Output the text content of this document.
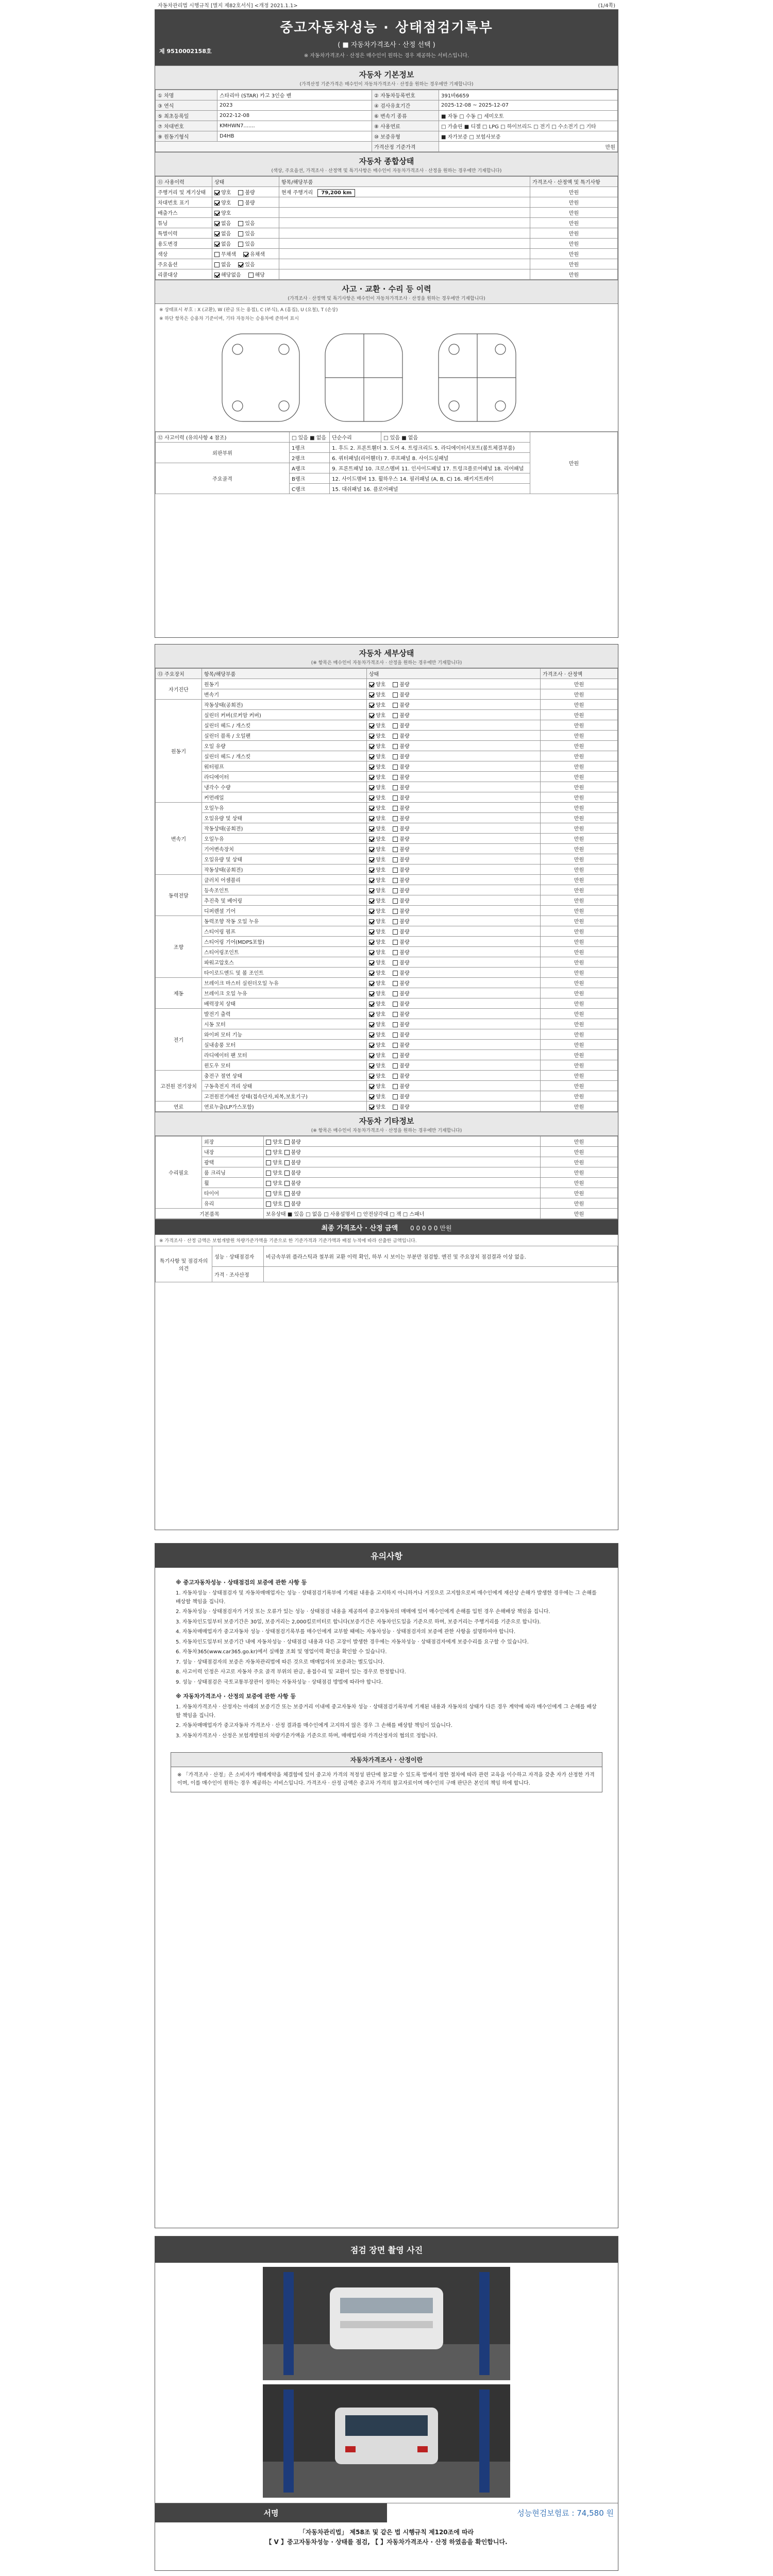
자동차관리법 시행규칙 [별지 제82호서식] <개정 2021.1.1>	(1/4쪽)
중고자동차성능 · 상태점검기록부
( ■ 자동차가격조사 · 산정 선택 )
※ 자동차가격조사 · 산정은 매수인이 원하는 경우 제공하는 서비스입니다.
제 9510002158호
자동차 기본정보
(가격산정 기준가격은 매수인이 자동차가격조사 · 산정을 원하는 경우에만 기재합니다)
① 차명	스타리아 (STAR) 카고 3인승 밴	② 자동차등록번호	391바6659
③ 연식	2023	④ 검사유효기간	2025-12-08 ~ 2025-12-07
⑤ 최초등록일	2022-12-08	⑥ 변속기 종류	■ 자동 □ 수동 □ 세미오토
⑦ 차대번호	KMHWN7.......	⑧ 사용연료	□ 가솔린 ■ 디젤 □ LPG □ 하이브리드 □ 전기 □ 수소전기 □ 기타
⑨ 원동기형식	D4HB	⑩ 보증유형	■ 자가보증 □ 보험사보증
		가격산정 기준가격	만원
자동차 종합상태
(색상, 주요옵션, 가격조사 · 산정액 및 특기사항은 매수인이 자동차가격조사 · 산정을 원하는 경우에만 기재합니다)
⑪ 사용이력	상태	항목/해당부품	가격조사 · 산정액 및 특기사항
주행거리 및 계기상태	양호 불량	현재 주행거리 79,200 km	만원
차대번호 표기	양호 불량		만원
배출가스	양호		만원
튜닝	없음 있음		만원
특별이력	없음 있음		만원
용도변경	없음 있음		만원
색상	무채색 유채색		만원
주요옵션	없음 있음		만원
리콜대상	해당없음 해당		만원
사고 · 교환 · 수리 등 이력
(가격조사 · 산정액 및 특기사항은 매수인이 자동차가격조사 · 산정을 원하는 경우에만 기재합니다)
※ 상태표시 부호 : X (교환), W (판금 또는 용접), C (부식), A (흠집), U (요철), T (손상)
※ 하단 항목은 승용차 기준이며, 기타 자동차는 승용차에 준하여 표시
⑫ 사고이력 (유의사항 4 참조)	□ 있음 ■ 없음	단순수리	□ 있음 ■ 없음	만원
외판부위	1랭크	1. 후드 2. 프론트휀더 3. 도어 4. 트렁크리드 5. 라디에이터서포트(볼트체결부품)		
	2랭크	6. 쿼터패널(리어휀더) 7. 루프패널 8. 사이드실패널		
주요골격	A랭크	9. 프론트패널 10. 크로스멤버 11. 인사이드패널 17. 트렁크플로어패널 18. 리어패널		
	B랭크	12. 사이드멤버 13. 휠하우스 14. 필러패널 (A, B, C) 16. 패키지트레이		
	C랭크	15. 대쉬패널 16. 플로어패널		
자동차 세부상태
(※ 항목은 매수인이 자동차가격조사 · 산정을 원하는 경우에만 기재합니다)
⑬ 주요장치	항목/해당부품	상태	가격조사 · 산정액
자기진단	원동기	양호 불량	만원
	변속기	양호 불량	만원
원동기	작동상태(공회전)	양호 불량	만원
	실린더 커버(로커암 커버)	양호 불량	만원
	실린더 헤드 / 개스킷	양호 불량	만원
	실린더 블록 / 오일팬	양호 불량	만원
	오일 유량	양호 불량	만원
	실린더 헤드 / 개스킷	양호 불량	만원
	워터펌프	양호 불량	만원
	라디에이터	양호 불량	만원
	냉각수 수량	양호 불량	만원
	커먼레일	양호 불량	만원
변속기	오일누유	양호 불량	만원
	오일유량 및 상태	양호 불량	만원
	작동상태(공회전)	양호 불량	만원
	오일누유	양호 불량	만원
	기어변속장치	양호 불량	만원
	오일유량 및 상태	양호 불량	만원
	작동상태(공회전)	양호 불량	만원
동력전달	클러치 어셈블리	양호 불량	만원
	등속조인트	양호 불량	만원
	추진축 및 베어링	양호 불량	만원
	디퍼렌셜 기어	양호 불량	만원
조향	동력조향 작동 오일 누유	양호 불량	만원
	스티어링 펌프	양호 불량	만원
	스티어링 기어(MDPS포함)	양호 불량	만원
	스티어링조인트	양호 불량	만원
	파워고압호스	양호 불량	만원
	타이로드엔드 및 볼 조인트	양호 불량	만원
제동	브레이크 마스터 실린더오일 누유	양호 불량	만원
	브레이크 오일 누유	양호 불량	만원
	배력장치 상태	양호 불량	만원
전기	발전기 출력	양호 불량	만원
	시동 모터	양호 불량	만원
	와이퍼 모터 기능	양호 불량	만원
	실내송풍 모터	양호 불량	만원
	라디에이터 팬 모터	양호 불량	만원
	윈도우 모터	양호 불량	만원
고전원 전기장치	충전구 절연 상태	양호 불량	만원
	구동축전지 격리 상태	양호 불량	만원
	고전원전기배선 상태(접속단자,피복,보호기구)	양호 불량	만원
연료	연료누출(LP가스포함)	양호 불량	만원
자동차 기타정보
(※ 항목은 매수인이 자동차가격조사 · 산정을 원하는 경우에만 기재합니다)
수리필요	외장	양호 불량	만원
	내장	양호 불량	만원
	광택	양호 불량	만원
	룸 크리닝	양호 불량	만원
	휠	양호 불량	만원
	타이어	양호 불량	만원
	유리	양호 불량	만원
기본품목		보유상태 ■ 있음 □ 없음 □ 사용설명서 □ 안전삼각대 □ 잭 □ 스패너	만원
최종 가격조사 · 산정 금액 0 0 0 0 0 만원
※ 가격조사 · 산정 금액은 보험개발원 차량가준가액을 기준으로 한 기준가격과 기준가액과 배점 누적에 따라 산출한 금액입니다.
특기사항 및 점검자의 의견	성능 · 상태점검자	비금속부위 플라스틱과 철부위 교환 이력 확인, 하부 시 보이는 부분만 점검함. 엔진 및 주요장치 점검결과 이상 없음.
	가격 · 조사산정	
유의사항
※ 중고자동차성능 · 상태점검의 보증에 관한 사항 등

1. 자동차성능 · 상태점검자 및 자동차매매업자는 성능 · 상태점검기록부에 기재된 내용을 고지하지 아니하거나 거짓으로 고지함으로써 매수인에게 재산상 손해가 발생한 경우에는 그 손해를 배상할 책임을 집니다.

2. 자동차성능 · 상태점검자가 거짓 또는 오류가 있는 성능 · 상태점검 내용을 제공하여 중고자동차의 매매에 있어 매수인에게 손해를 입힌 경우 손해배상 책임을 집니다.

3. 자동차인도일부터 보증기간은 30일, 보증거리는 2,000킬로미터로 합니다(보증기간은 자동차인도일을 기준으로 하며, 보증거리는 주행거리를 기준으로 합니다).

4. 자동차매매업자가 중고자동차 성능 · 상태점검기록부를 매수인에게 교부할 때에는 자동차성능 · 상태점검자의 보증에 관한 사항을 설명하여야 합니다.

5. 자동차인도일부터 보증기간 내에 자동차성능 · 상태점검 내용과 다른 고장이 발생한 경우에는 자동차성능 · 상태점검자에게 보증수리를 요구할 수 있습니다.

6. 자동차365(www.car365.go.kr)에서 실매물 조회 및 영업이력 확인을 확인할 수 있습니다.

7. 성능 · 상태점검자의 보증은 자동차관리법에 따른 것으로 매매업자의 보증과는 별도입니다.

8. 사고이력 인정은 사고로 자동차 주요 골격 부위의 판금, 용접수리 및 교환이 있는 경우로 한정합니다.

9. 성능 · 상태점검은 국토교통부장관이 정하는 자동차성능 · 상태점검 방법에 따라야 합니다.

※ 자동차가격조사 · 산정의 보증에 관한 사항 등

1. 자동차가격조사 · 산정자는 아래의 보증기간 또는 보증거리 이내에 중고자동차 성능 · 상태점검기록부에 기재된 내용과 자동차의 상태가 다른 경우 계약에 따라 매수인에게 그 손해를 배상할 책임을 집니다.

2. 자동차매매업자가 중고자동차 가격조사 · 산정 결과를 매수인에게 고지하지 않은 경우 그 손해를 배상할 책임이 있습니다.

3. 자동차가격조사 · 산정은 보험개발원의 차량기준가액을 기준으로 하며, 매매업자와 가격산정자의 협의로 정합니다.

자동차가격조사 · 산정이란
※ 「가격조사 · 산정」은 소비자가 매매계약을 체결함에 있어 중고차 가격의 적정성 판단에 참고할 수 있도록 법에서 정한 절차에 따라 관련 교육을 이수하고 자격을 갖춘 자가 산정한 가격이며, 이를 매수인이 원하는 경우 제공하는 서비스입니다. 가격조사 · 산정 금액은 중고차 가격의 참고자료이며 매수인의 구매 판단은 본인의 책임 하에 합니다.
점검 장면 촬영 사진
서명	성능현검보험료 : 74,580 원
「자동차관리법」 제58조 및 같은 법 시행규칙 제120조에 따라
【 V 】중고자동차성능 · 상태를 점검, 【 】자동차가격조사 · 산정 하였음을 확인합니다.
